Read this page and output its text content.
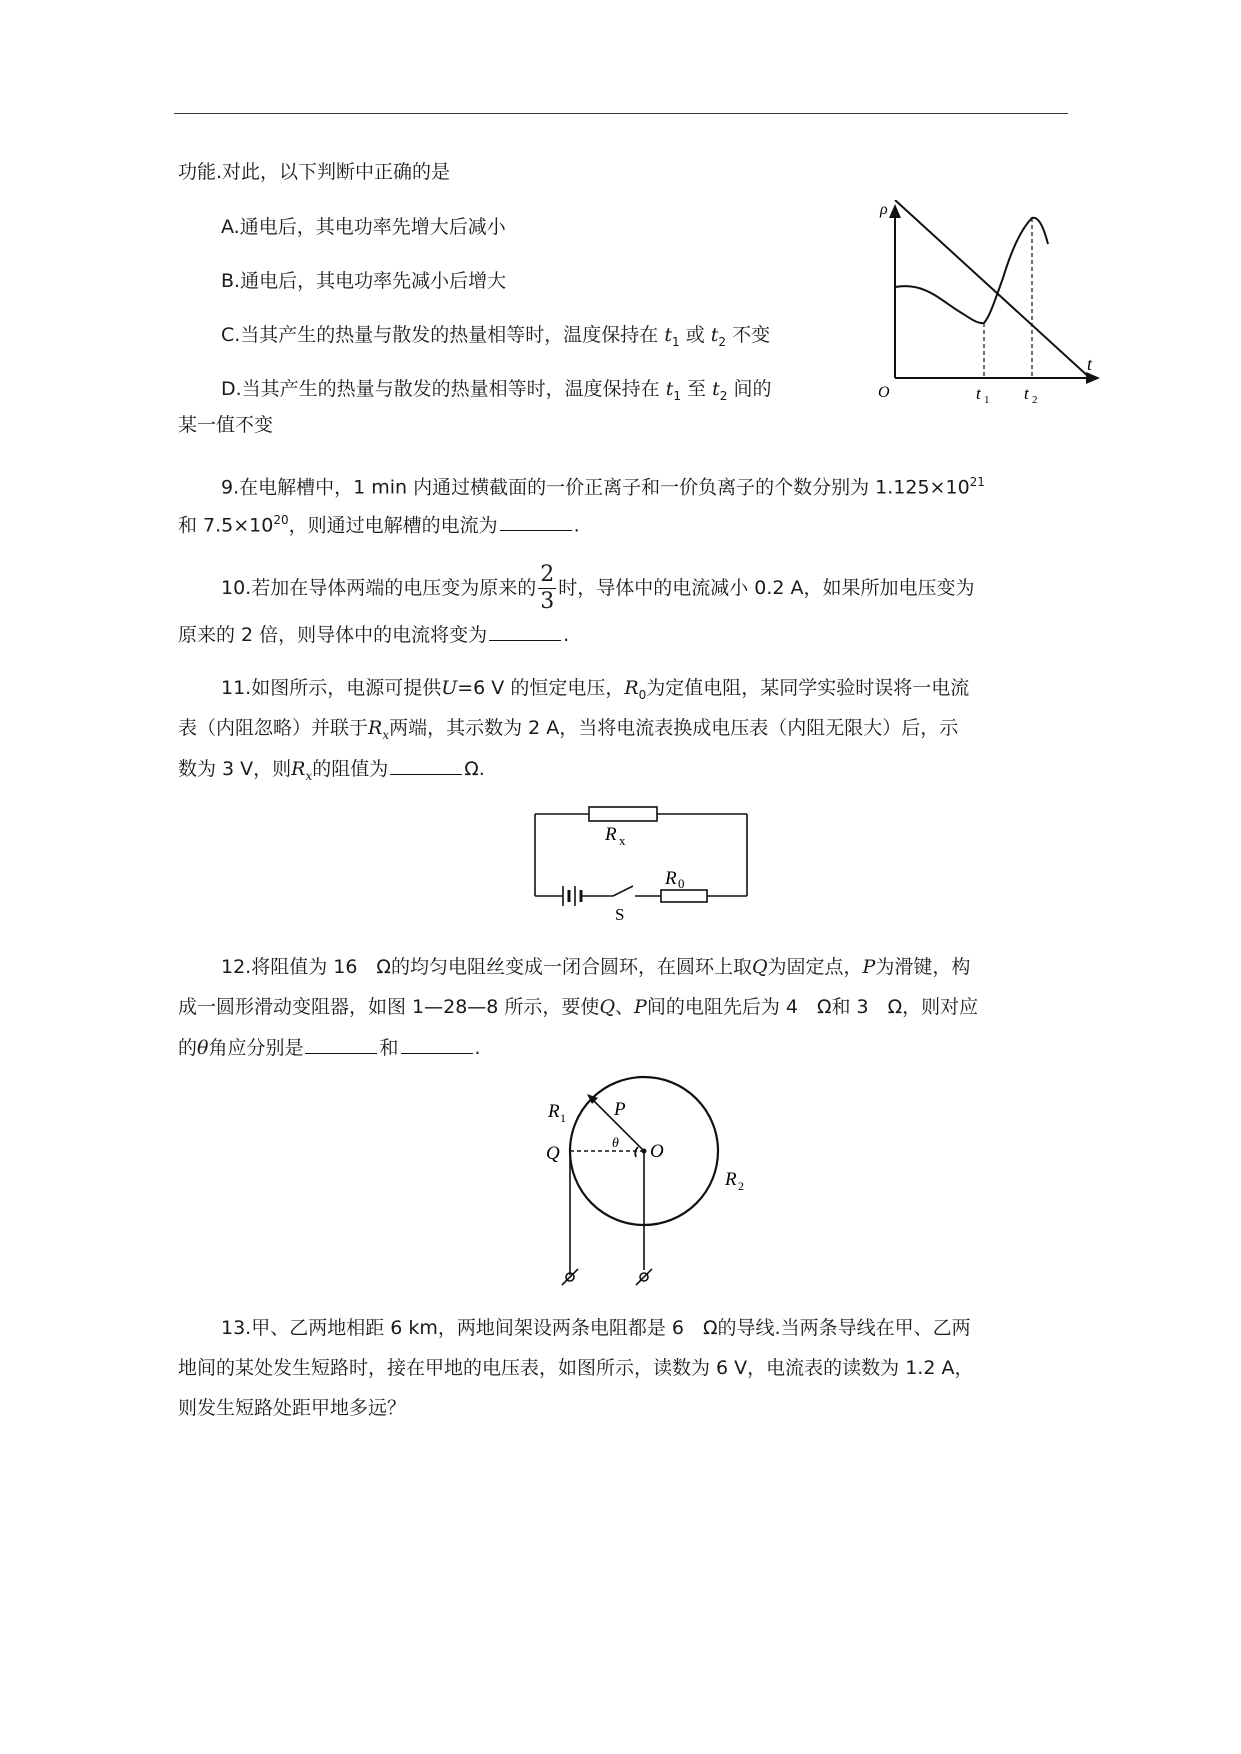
功能.对此，以下判断中正确的是
A.通电后，其电功率先增大后减小
B.通电后，其电功率先减小后增大
C.当其产生的热量与散发的热量相等时，温度保持在 $t_1$ 或 $t_2$ 不变
D.当其产生的热量与散发的热量相等时，温度保持在 $t_1$ 至 $t_2$ 间的
某一值不变
ρ
t
O	t 1 t 2
9.在电解槽中，1 min 内通过横截面的一价正离子和一价负离子的个数分别为 $1.125\times 10^{21}$
和 $7.5\times 10^{20}$，则通过电解槽的电流为	.
10.若加在导体两端的电压变为原来的 $\frac{2}{3}$ 时，导体中的电流减小 0.2 A，如果所加电压变为
原来的 2 倍，则导体中的电流将变为	.
11.如图所示，电源可提供U=6 V 的恒定电压，$R_0$为定值电阻，某同学实验时误将一电流
表（内阻忽略）并联于$R_x$两端，其示数为 2 A，当将电流表换成电压表（内阻无限大）后，示
数为 3 V，则$R_x$的阻值为	Ω.
R x
R 0
S
12.将阻值为 16　Ω的均匀电阻丝变成一闭合圆环，在圆环上取Q为固定点，P为滑键，构
成一圆形滑动变阻器，如图 1—28—8 所示，要使Q、P间的电阻先后为 4　Ω和 3　Ω，则对应
的θ角应分别是	和	.
R 1	P
Q	θ O
R 2
13.甲、乙两地相距 6 km，两地间架设两条电阻都是 6　Ω的导线.当两条导线在甲、乙两
地间的某处发生短路时，接在甲地的电压表，如图所示，读数为 6 V，电流表的读数为 1.2 A，
则发生短路处距甲地多远？
